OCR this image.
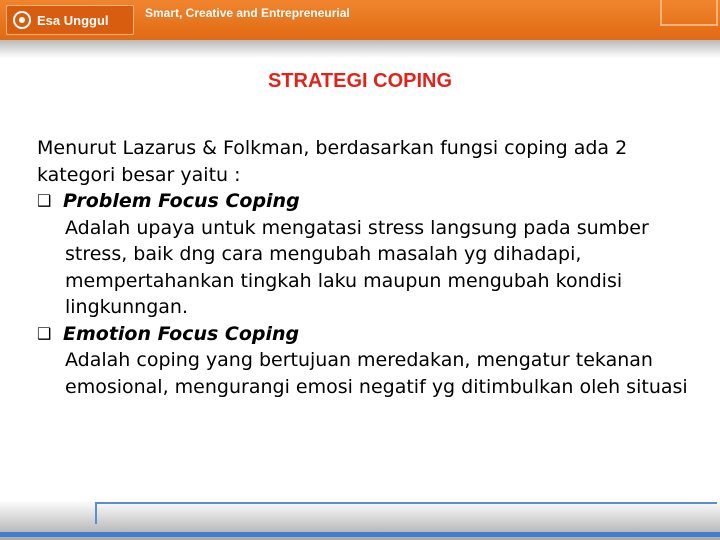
Esa Unggul	Smart, Creative and Entrepreneurial
STRATEGI COPING

Menurut Lazarus & Folkman, berdasarkan fungsi coping ada 2 kategori besar yaitu :

❑ Problem Focus Coping

Adalah upaya untuk mengatasi stress langsung pada sumber stress, baik dng cara mengubah masalah yg dihadapi, mempertahankan tingkah laku maupun mengubah kondisi lingkunngan.

❑ Emotion Focus Coping

Adalah coping yang bertujuan meredakan, mengatur tekanan emosional, mengurangi emosi negatif yg ditimbulkan oleh situasi
